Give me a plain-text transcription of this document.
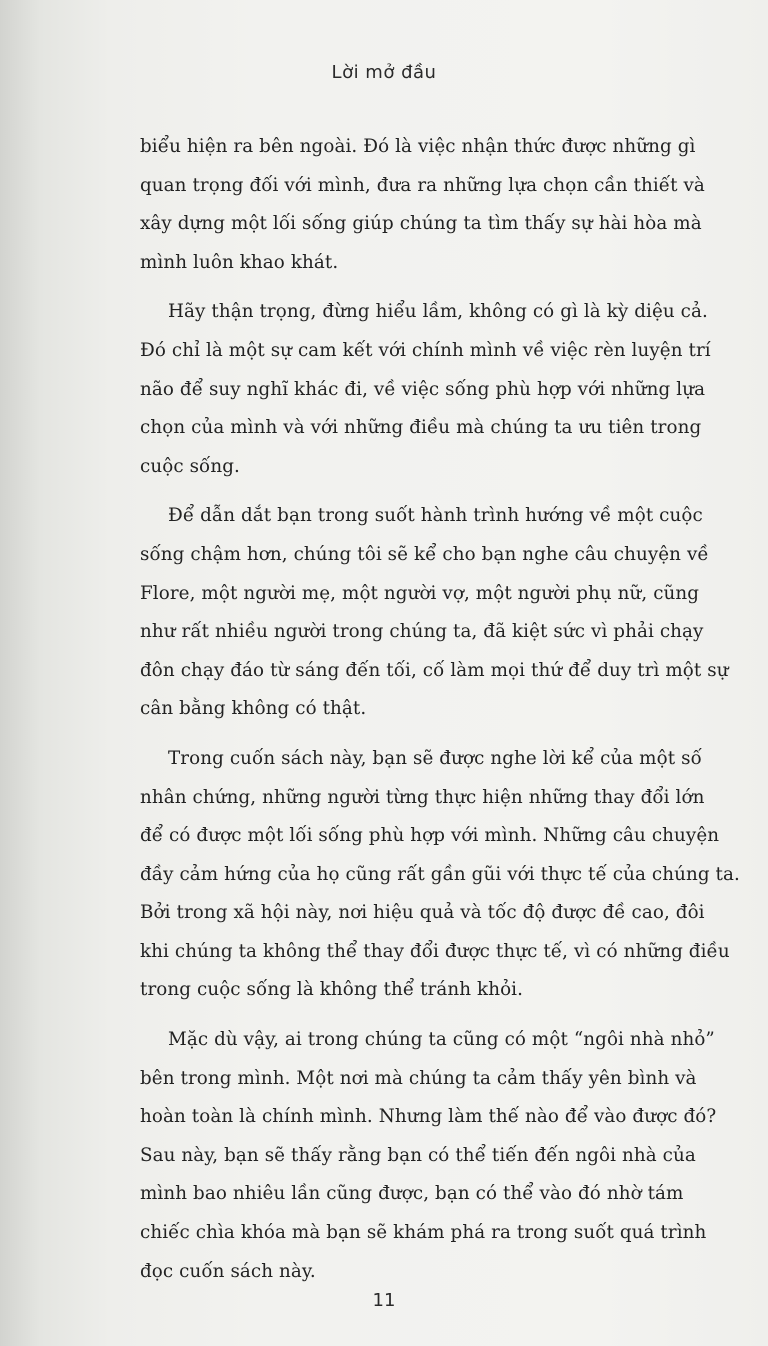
Lời mở đầu

biểu hiện ra bên ngoài. Đó là việc nhận thức được những gì
quan trọng đối với mình, đưa ra những lựa chọn cần thiết và
xây dựng một lối sống giúp chúng ta tìm thấy sự hài hòa mà
mình luôn khao khát.

Hãy thận trọng, đừng hiểu lầm, không có gì là kỳ diệu cả.
Đó chỉ là một sự cam kết với chính mình về việc rèn luyện trí
não để suy nghĩ khác đi, về việc sống phù hợp với những lựa
chọn của mình và với những điều mà chúng ta ưu tiên trong
cuộc sống.

Để dẫn dắt bạn trong suốt hành trình hướng về một cuộc
sống chậm hơn, chúng tôi sẽ kể cho bạn nghe câu chuyện về
Flore, một người mẹ, một người vợ, một người phụ nữ, cũng
như rất nhiều người trong chúng ta, đã kiệt sức vì phải chạy
đôn chạy đáo từ sáng đến tối, cố làm mọi thứ để duy trì một sự
cân bằng không có thật.

Trong cuốn sách này, bạn sẽ được nghe lời kể của một số
nhân chứng, những người từng thực hiện những thay đổi lớn
để có được một lối sống phù hợp với mình. Những câu chuyện
đầy cảm hứng của họ cũng rất gần gũi với thực tế của chúng ta.
Bởi trong xã hội này, nơi hiệu quả và tốc độ được đề cao, đôi
khi chúng ta không thể thay đổi được thực tế, vì có những điều
trong cuộc sống là không thể tránh khỏi.

Mặc dù vậy, ai trong chúng ta cũng có một “ngôi nhà nhỏ”
bên trong mình. Một nơi mà chúng ta cảm thấy yên bình và
hoàn toàn là chính mình. Nhưng làm thế nào để vào được đó?
Sau này, bạn sẽ thấy rằng bạn có thể tiến đến ngôi nhà của
mình bao nhiêu lần cũng được, bạn có thể vào đó nhờ tám
chiếc chìa khóa mà bạn sẽ khám phá ra trong suốt quá trình
đọc cuốn sách này.

11
